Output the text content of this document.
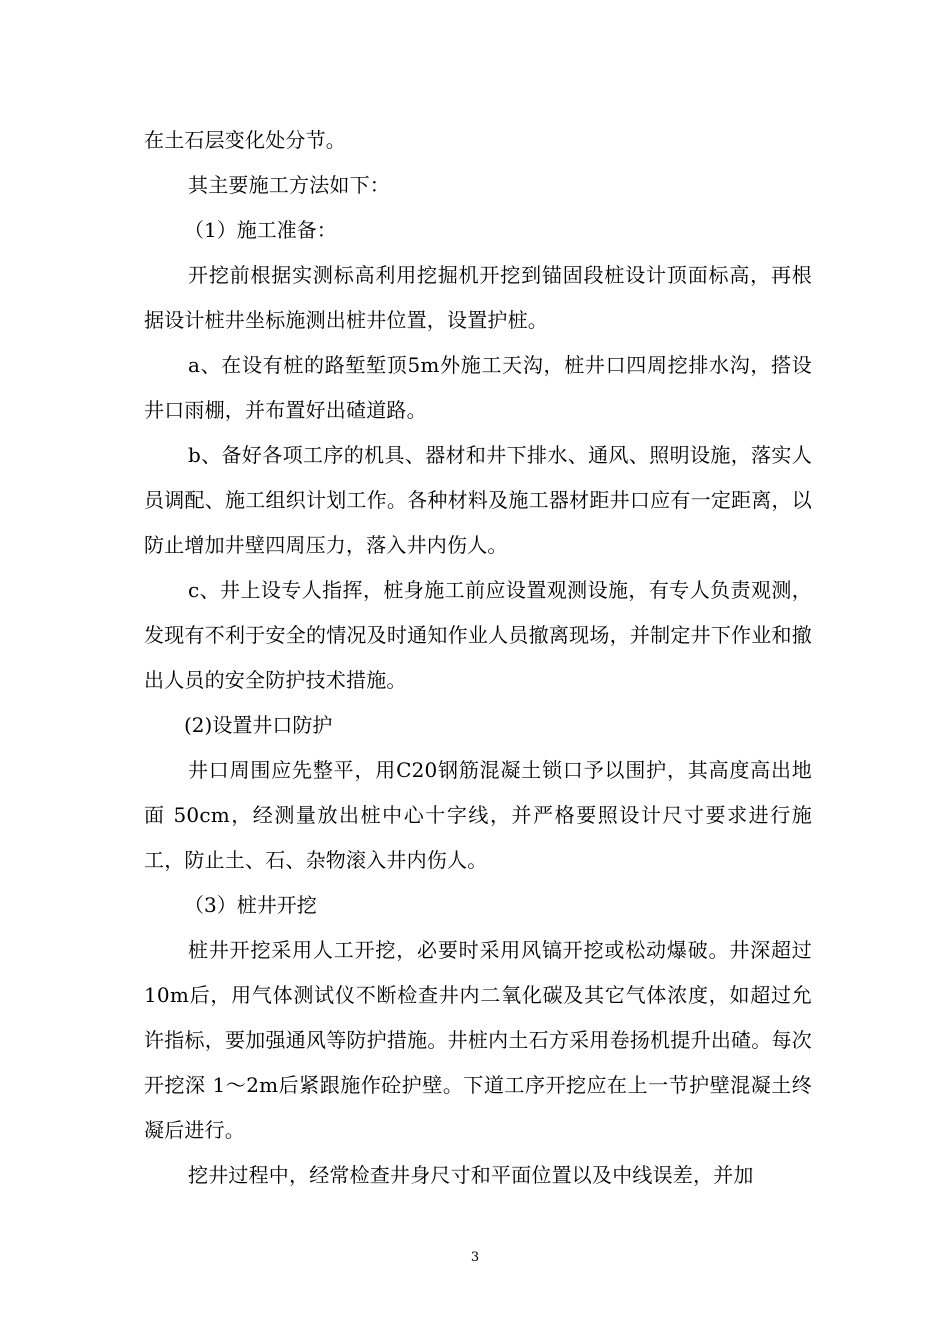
在土石层变化处分节。

其主要施工方法如下：

（1）施工准备：

开挖前根据实测标高利用挖掘机开挖到锚固段桩设计顶面标高，再根据设计桩井坐标施测出桩井位置，设置护桩。

a、在设有桩的路堑堑顶5m外施工天沟，桩井口四周挖排水沟，搭设井口雨棚，并布置好出碴道路。

b、备好各项工序的机具、器材和井下排水、通风、照明设施，落实人员调配、施工组织计划工作。各种材料及施工器材距井口应有一定距离，以防止增加井壁四周压力，落入井内伤人。

c、井上设专人指挥，桩身施工前应设置观测设施，有专人负责观测，发现有不利于安全的情况及时通知作业人员撤离现场，并制定井下作业和撤出人员的安全防护技术措施。

(2)设置井口防护

井口周围应先整平，用C20钢筋混凝土锁口予以围护，其高度高出地面 50cm，经测量放出桩中心十字线，并严格要照设计尺寸要求进行施工，防止土、石、杂物滚入井内伤人。

（3）桩井开挖

桩井开挖采用人工开挖，必要时采用风镐开挖或松动爆破。井深超过10m后，用气体测试仪不断检查井内二氧化碳及其它气体浓度，如超过允许指标，要加强通风等防护措施。井桩内土石方采用卷扬机提升出碴。每次开挖深 1～2m后紧跟施作砼护壁。下道工序开挖应在上一节护壁混凝土终凝后进行。

挖井过程中，经常检查井身尺寸和平面位置以及中线误差，并加

3
